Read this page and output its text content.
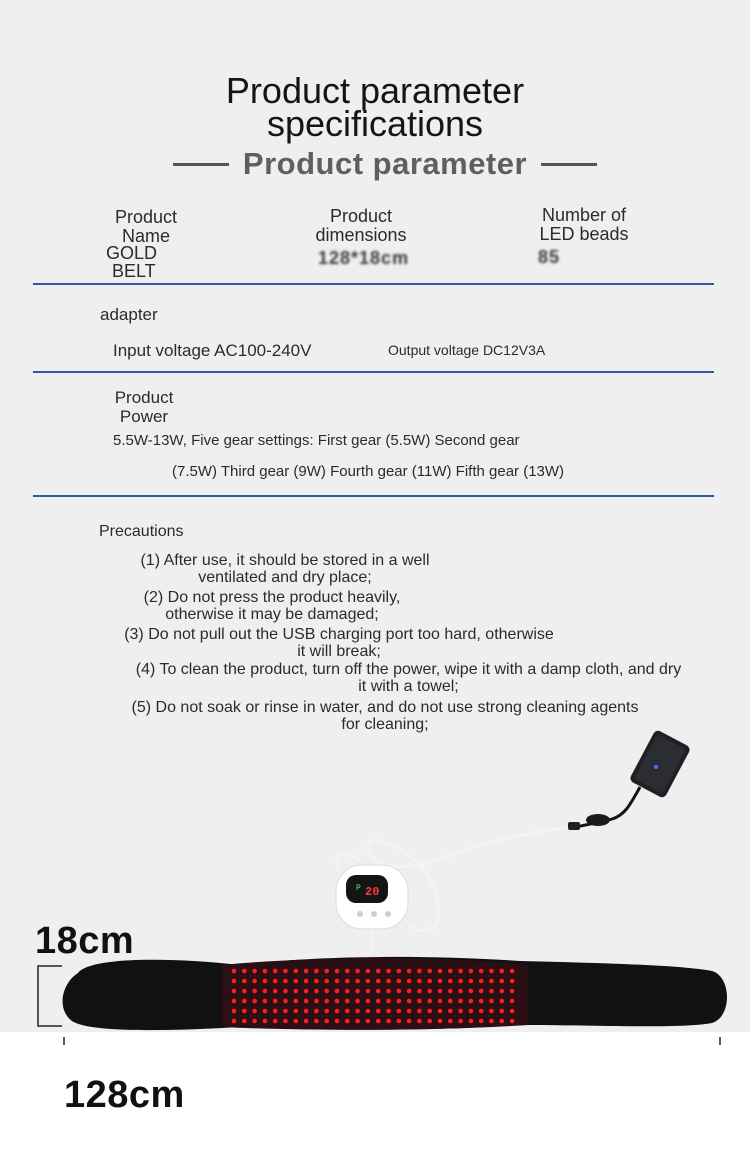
Product parameter
specifications
Product parameter
Product
Name
GOLD
BELT
Product
dimensions
128*18cm
Number of
LED beads
85
adapter
Input voltage AC100-240V	Output voltage DC12V3A
Product
Power
5.5W-13W, Five gear settings: First gear (5.5W) Second gear
(7.5W) Third gear (9W) Fourth gear (11W) Fifth gear (13W)
Precautions
(1) After use, it should be stored in a well
ventilated and dry place;
(2) Do not press the product heavily,
otherwise it may be damaged;
(3) Do not pull out the USB charging port too hard, otherwise
it will break;
(4) To clean the product, turn off the power, wipe it with a damp cloth, and dry
it with a towel;
(5) Do not soak or rinse in water, and do not use strong cleaning agents
for cleaning;
P 20
18cm
128cm
